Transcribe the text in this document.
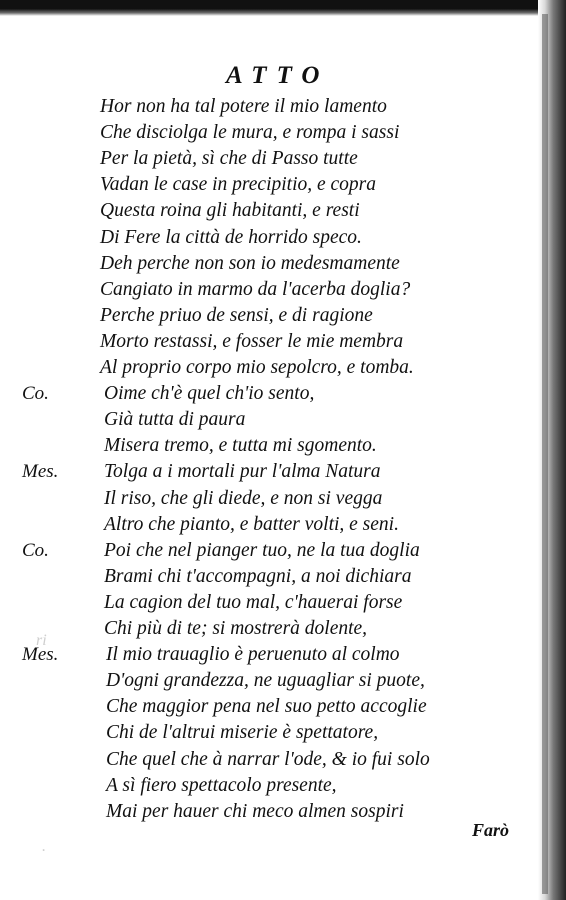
ATTO
ri
.
Hor non ha tal potere il mio lamento
Che disciolga le mura, e rompa i sassi
Per la pietà, sì che di Passo tutte
Vadan le case in precipitio, e copra
Questa roina gli habitanti, e resti
Di Fere la città de horrido speco.
Deh perche non son io medesmamente
Cangiato in marmo da l'acerba doglia?
Perche priuo de sensi, e di ragione
Morto restassi, e fosser le mie membra
Al proprio corpo mio sepolcro, e tomba.
Co.	Oime ch'è quel ch'io sento,
Già tutta di paura
Misera tremo, e tutta mi sgomento.
Mes. Tolga a i mortali pur l'alma Natura
Il riso, che gli diede, e non si vegga
Altro che pianto, e batter volti, e seni.
Co.	Poi che nel pianger tuo, ne la tua doglia
Brami chi t'accompagni, a noi dichiara
La cagion del tuo mal, c'hauerai forse
Chi più di te; si mostrerà dolente,
Mes. Il mio trauaglio è peruenuto al colmo
D'ogni grandezza, ne uguagliar si puote,
Che maggior pena nel suo petto accoglie
Chi de l'altrui miserie è spettatore,
Che quel che à narrar l'ode, & io fui solo
A sì fiero spettacolo presente,
Mai per hauer chi meco almen sospiri
Farò
